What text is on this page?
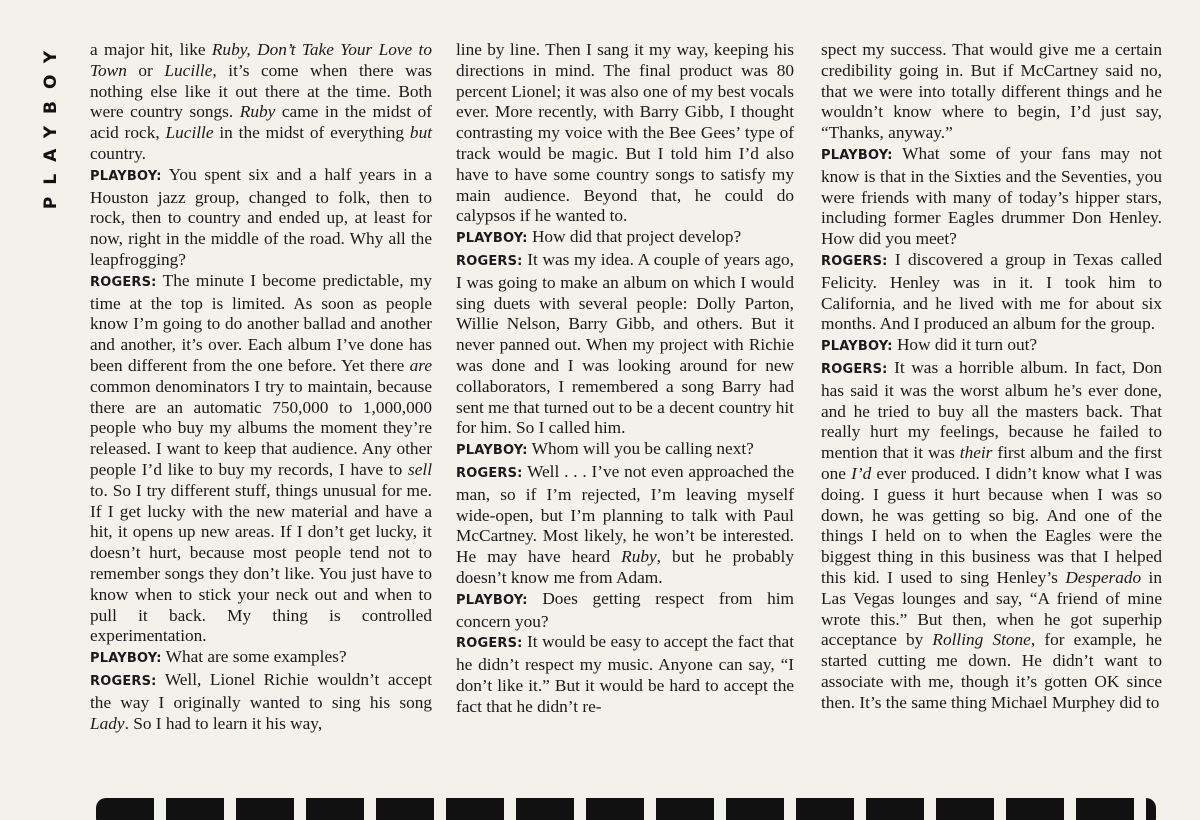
PLAYBOY a major hit, like Ruby, Don’t Take Your Love to Town or Lucille, it’s come when there was nothing else like it out there at the time. Both were country songs. Ruby came in the midst of acid rock, Lucille in the midst of everything but country.
PLAYBOY: You spent six and a half years in a Houston jazz group, changed to folk, then to rock, then to country and ended up, at least for now, right in the middle of the road. Why all the leapfrogging?
ROGERS: The minute I become predictable, my time at the top is limited. As soon as people know I’m going to do another ballad and another and another, it’s over. Each album I’ve done has been different from the one before. Yet there are common denominators I try to maintain, because there are an automatic 750,000 to 1,000,000 people who buy my albums the moment they’re released. I want to keep that audience. Any other people I’d like to buy my records, I have to sell to. So I try different stuff, things unusual for me. If I get lucky with the new material and have a hit, it opens up new areas. If I don’t get lucky, it doesn’t hurt, because most people tend not to remember songs they don’t like. You just have to know when to stick your neck out and when to pull it back. My thing is controlled experimentation.
PLAYBOY: What are some examples?
ROGERS: Well, Lionel Richie wouldn’t accept the way I originally wanted to sing his song Lady. So I had to learn it his way,

line by line. Then I sang it my way, keeping his directions in mind. The final product was 80 percent Lionel; it was also one of my best vocals ever. More recently, with Barry Gibb, I thought contrasting my voice with the Bee Gees’ type of track would be magic. But I told him I’d also have to have some country songs to satisfy my main audience. Beyond that, he could do calypsos if he wanted to.
PLAYBOY: How did that project develop?
ROGERS: It was my idea. A couple of years ago, I was going to make an album on which I would sing duets with several people: Dolly Parton, Willie Nelson, Barry Gibb, and others. But it never panned out. When my project with Richie was done and I was looking around for new collaborators, I remembered a song Barry had sent me that turned out to be a decent country hit for him. So I called him.
PLAYBOY: Whom will you be calling next?
ROGERS: Well . . . I’ve not even approached the man, so if I’m rejected, I’m leaving myself wide-open, but I’m planning to talk with Paul McCartney. Most likely, he won’t be interested. He may have heard Ruby, but he probably doesn’t know me from Adam.
PLAYBOY: Does getting respect from him concern you?
ROGERS: It would be easy to accept the fact that he didn’t respect my music. Anyone can say, “I don’t like it.” But it would be hard to accept the fact that he didn’t re-

spect my success. That would give me a certain credibility going in. But if McCartney said no, that we were into totally different things and he wouldn’t know where to begin, I’d just say, “Thanks, anyway.”
PLAYBOY: What some of your fans may not know is that in the Sixties and the Seventies, you were friends with many of today’s hipper stars, including former Eagles drummer Don Henley. How did you meet?
ROGERS: I discovered a group in Texas called Felicity. Henley was in it. I took him to California, and he lived with me for about six months. And I produced an album for the group.
PLAYBOY: How did it turn out?
ROGERS: It was a horrible album. In fact, Don has said it was the worst album he’s ever done, and he tried to buy all the masters back. That really hurt my feelings, because he failed to mention that it was their first album and the first one I’d ever produced. I didn’t know what I was doing. I guess it hurt because when I was so down, he was getting so big. And one of the things I held on to when the Eagles were the biggest thing in this business was that I helped this kid. I used to sing Henley’s Desperado in Las Vegas lounges and say, “A friend of mine wrote this.” But then, when he got superhip acceptance by Rolling Stone, for example, he started cutting me down. He didn’t want to associate with me, though it’s gotten OK since then. It’s the same thing Michael Murphey did to
